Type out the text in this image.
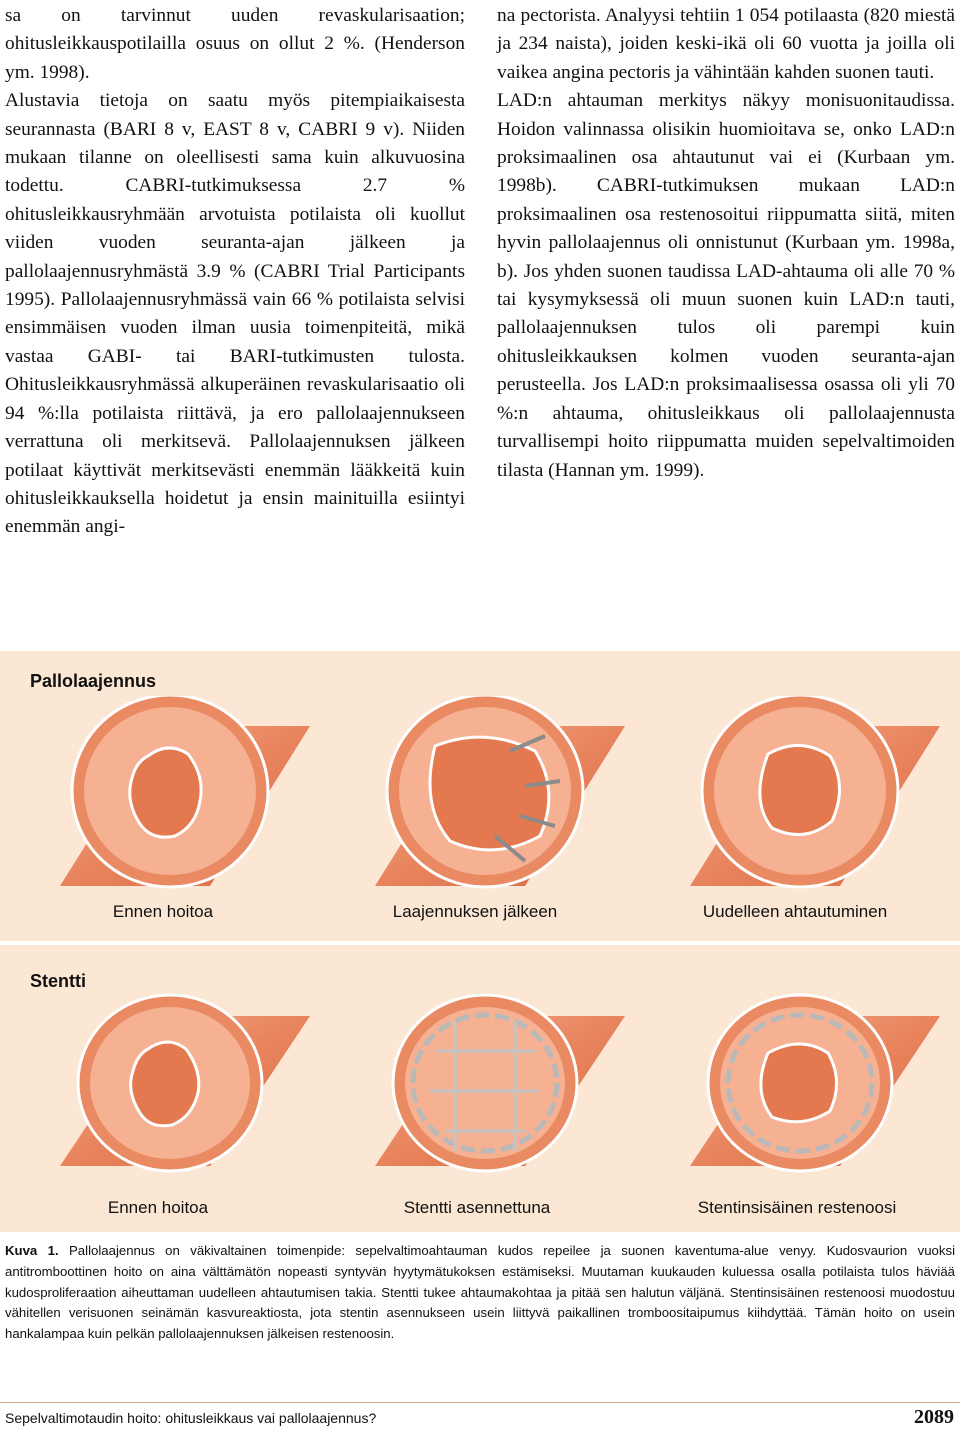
sa on tarvinnut uuden revaskularisaation; ohitusleikkauspotilailla osuus on ollut 2 %. (Henderson ym. 1998).

Alustavia tietoja on saatu myös pitempiaikaisesta seurannasta (BARI 8 v, EAST 8 v, CABRI 9 v). Niiden mukaan tilanne on oleellisesti sama kuin alkuvuosina todettu. CABRI-tutkimuksessa 2.7 % ohitusleikkausryhmään arvotuista potilaista oli kuollut viiden vuoden seuranta-ajan jälkeen ja pallolaajennusryhmästä 3.9 % (CABRI Trial Participants 1995). Pallolaajennusryhmässä vain 66 % potilaista selvisi ensimmäisen vuoden ilman uusia toimenpiteitä, mikä vastaa GABI- tai BARI-tutkimusten tulosta. Ohitusleikkausryhmässä alkuperäinen revaskularisaatio oli 94 %:lla potilaista riittävä, ja ero pallolaajennukseen verrattuna oli merkitsevä. Pallolaajennuksen jälkeen potilaat käyttivät merkitsevästi enemmän lääkkeitä kuin ohitusleikkauksella hoidetut ja ensin mainituilla esiintyi enemmän angi-

na pectorista. Analyysi tehtiin 1 054 potilaasta (820 miestä ja 234 naista), joiden keski-ikä oli 60 vuotta ja joilla oli vaikea angina pectoris ja vähintään kahden suonen tauti.

LAD:n ahtauman merkitys näkyy monisuonitaudissa. Hoidon valinnassa olisikin huomioitava se, onko LAD:n proksimaalinen osa ahtautunut vai ei (Kurbaan ym. 1998b). CABRI-tutkimuksen mukaan LAD:n proksimaalinen osa restenosoitui riippumatta siitä, miten hyvin pallolaajennus oli onnistunut (Kurbaan ym. 1998a, b). Jos yhden suonen taudissa LAD-ahtauma oli alle 70 % tai kysymyksessä oli muun suonen kuin LAD:n tauti, pallolaajennuksen tulos oli parempi kuin ohitusleikkauksen kolmen vuoden seuranta-ajan perusteella. Jos LAD:n proksimaalisessa osassa oli yli 70 %:n ahtauma, ohitusleikkaus oli pallolaajennusta turvallisempi hoito riippumatta muiden sepelvaltimoiden tilasta (Hannan ym. 1999).

Pallolaajennus
Ennen hoitoa	Laajennuksen jälkeen	Uudelleen ahtautuminen
Stentti
Ennen hoitoa	Stentti asennettuna	Stentinsisäinen restenoosi
Kuva 1. Pallolaajennus on väkivaltainen toimenpide: sepelvaltimoahtauman kudos repeilee ja suonen kaventuma-alue venyy. Kudosvaurion vuoksi antitromboottinen hoito on aina välttämätön nopeasti syntyvän hyytymätukoksen estämiseksi. Muutaman kuukauden kuluessa osalla potilaista tulos häviää kudosproliferaation aiheuttaman uudelleen ahtautumisen takia. Stentti tukee ahtaumakohtaa ja pitää sen halutun väljänä. Stentinsisäinen restenoosi muodostuu vähitellen verisuonen seinämän kasvureaktiosta, jota stentin asennukseen usein liittyvä paikallinen tromboositaipumus kiihdyttää. Tämän hoito on usein hankalampaa kuin pelkän pallolaajennuksen jälkeisen restenoosin.
Sepelvaltimotaudin hoito: ohitusleikkaus vai pallolaajennus?	2089
